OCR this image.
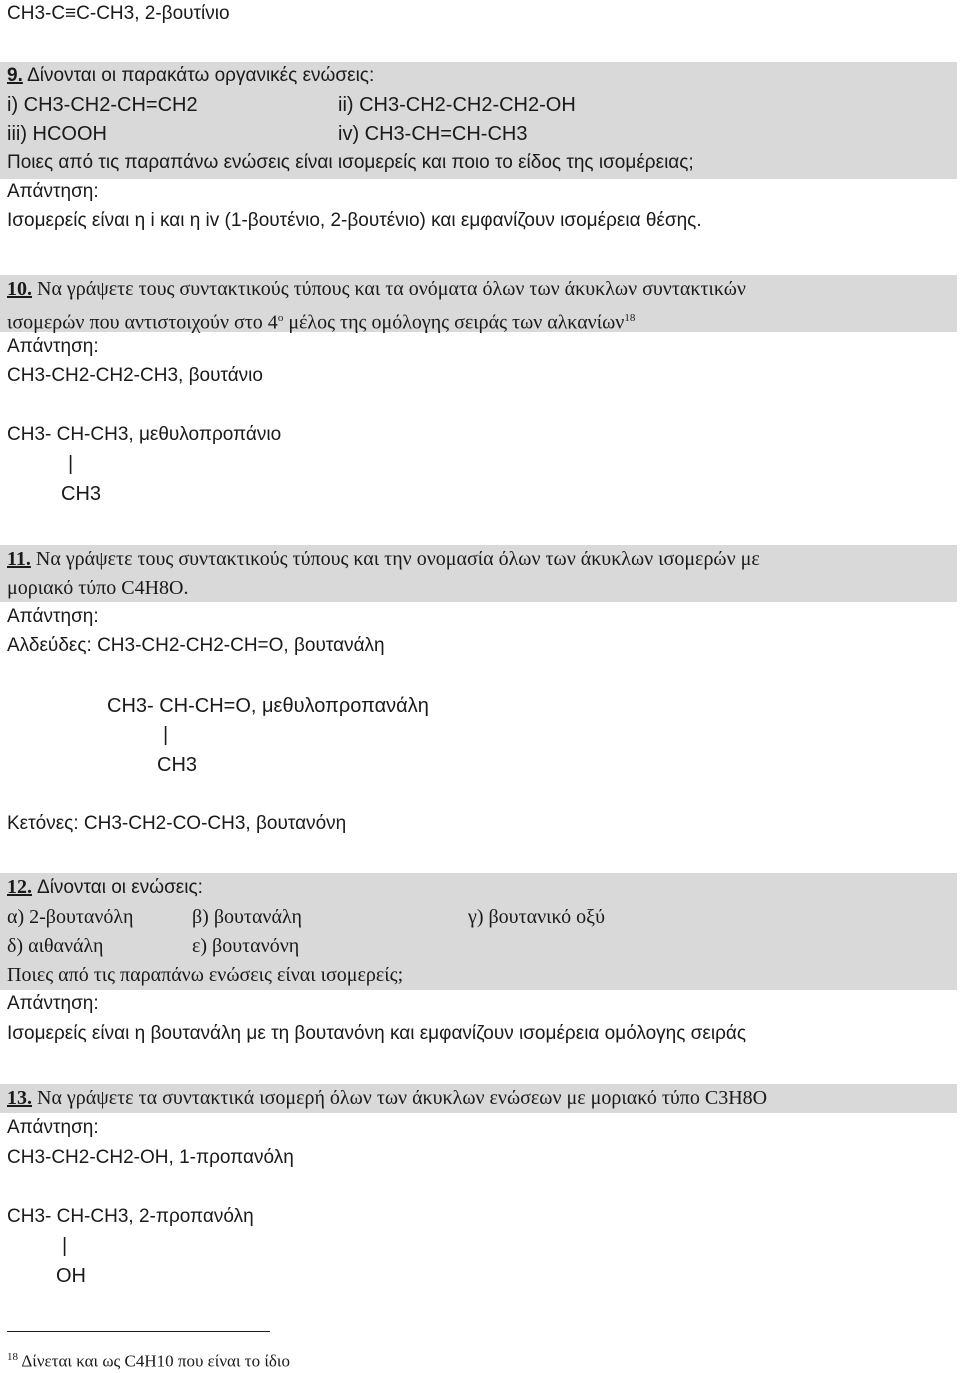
CH3-C≡C-CH3, 2-βουτίνιο
9. Δίνονται οι παρακάτω οργανικές ενώσεις:
i) CH3-CH2-CH=CH2	ii) CH3-CH2-CH2-CH2-OH
iii) HCOOH	iv) CH3-CH=CH-CH3
Ποιες από τις παραπάνω ενώσεις είναι ισομερείς και ποιο το είδος της ισομέρειας;
Απάντηση:
Ισομερείς είναι η i και η iv (1-βουτένιο, 2-βουτένιο) και εμφανίζουν ισομέρεια θέσης.
10. Να γράψετε τους συντακτικούς τύπους και τα ονόματα όλων των άκυκλων συντακτικών
ισομερών που αντιστοιχούν στο $4^o$ μέλος της ομόλογης σειράς των αλκανίων$^{18}$
Απάντηση:
CH3-CH2-CH2-CH3, βουτάνιο
CH3- CH-CH3, μεθυλοπροπάνιο
|
CH3
11. Να γράψετε τους συντακτικούς τύπους και την ονομασία όλων των άκυκλων ισομερών με
μοριακό τύπο C4H8O.
Απάντηση:
Αλδεύδες: CH3-CH2-CH2-CH=O, βουτανάλη
CH3- CH-CH=O, μεθυλοπροπανάλη
|
CH3
Κετόνες: CH3-CH2-CO-CH3, βουτανόνη
12. Δίνονται οι ενώσεις:
α) 2-βουτανόλη	β) βουτανάλη	γ) βουτανικό οξύ
δ) αιθανάλη	ε) βουτανόνη
Ποιες από τις παραπάνω ενώσεις είναι ισομερείς;
Απάντηση:
Ισομερείς είναι η βουτανάλη με τη βουτανόνη και εμφανίζουν ισομέρεια ομόλογης σειράς
13. Να γράψετε τα συντακτικά ισομερή όλων των άκυκλων ενώσεων με μοριακό τύπο C3H8O
Απάντηση:
CH3-CH2-CH2-OH, 1-προπανόλη
CH3- CH-CH3, 2-προπανόλη
|
OH
$^{18}$ Δίνεται και ως C4H10 που είναι το ίδιο
